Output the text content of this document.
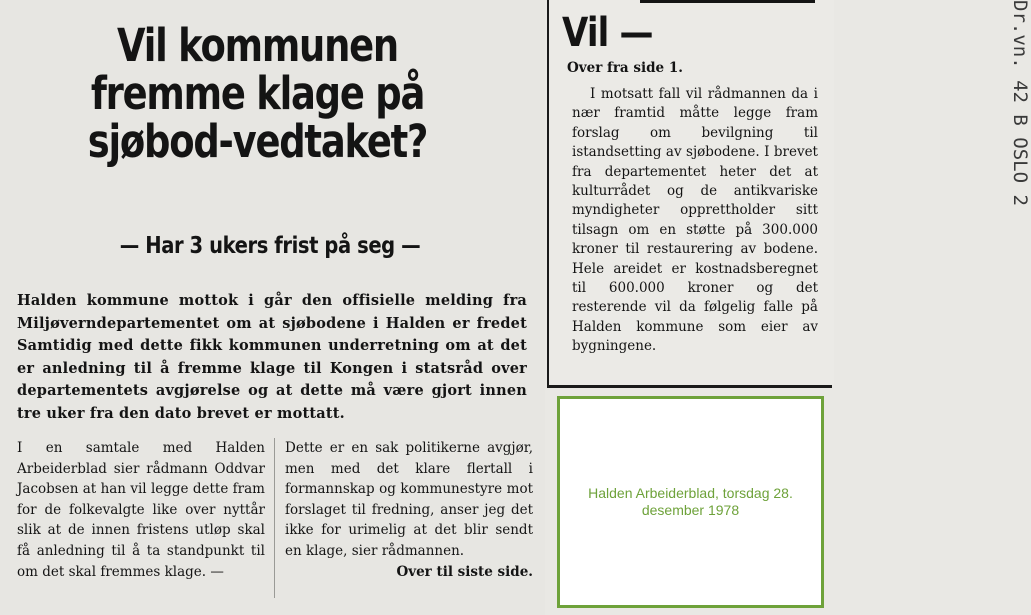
Dr.vn. 42 B OSLO 2
Vil kommunen fremme klage på sjøbod-vedtaket?
— Har 3 ukers frist på seg —
Halden kommune mottok i går den offisielle melding fra Miljøverndepartementet om at sjøbodene i Halden er fredet Samtidig med dette fikk kommunen underretning om at det er anledning til å fremme klage til Kongen i statsråd over departementets avgjørelse og at dette må være gjort innen tre uker fra den dato brevet er mottatt.
I en samtale med Halden Arbeiderblad sier rådmann Oddvar Jacobsen at han vil legge dette fram for de folkevalgte like over nyttår slik at de innen fristens utløp skal få anledning til å ta standpunkt til om det skal fremmes klage. —
Dette er en sak politikerne avgjør, men med det klare flertall i formannskap og kommunestyre mot forslaget til fredning, anser jeg det ikke for urimelig at det blir sendt en klage, sier rådmannen.
Over til siste side.
Vil —
Over fra side 1.
I motsatt fall vil rådmannen da i nær framtid måtte legge fram forslag om bevilgning til istandsetting av sjøbodene. I brevet fra departementet heter det at kulturrådet og de antikvariske myndigheter opprettholder sitt tilsagn om en støtte på 300.000 kroner til restaurering av bodene. Hele areidet er kostnadsberegnet til 600.000 kroner og det resterende vil da følgelig falle på Halden kommune som eier av bygningene.
Halden Arbeiderblad, torsdag 28. desember 1978
